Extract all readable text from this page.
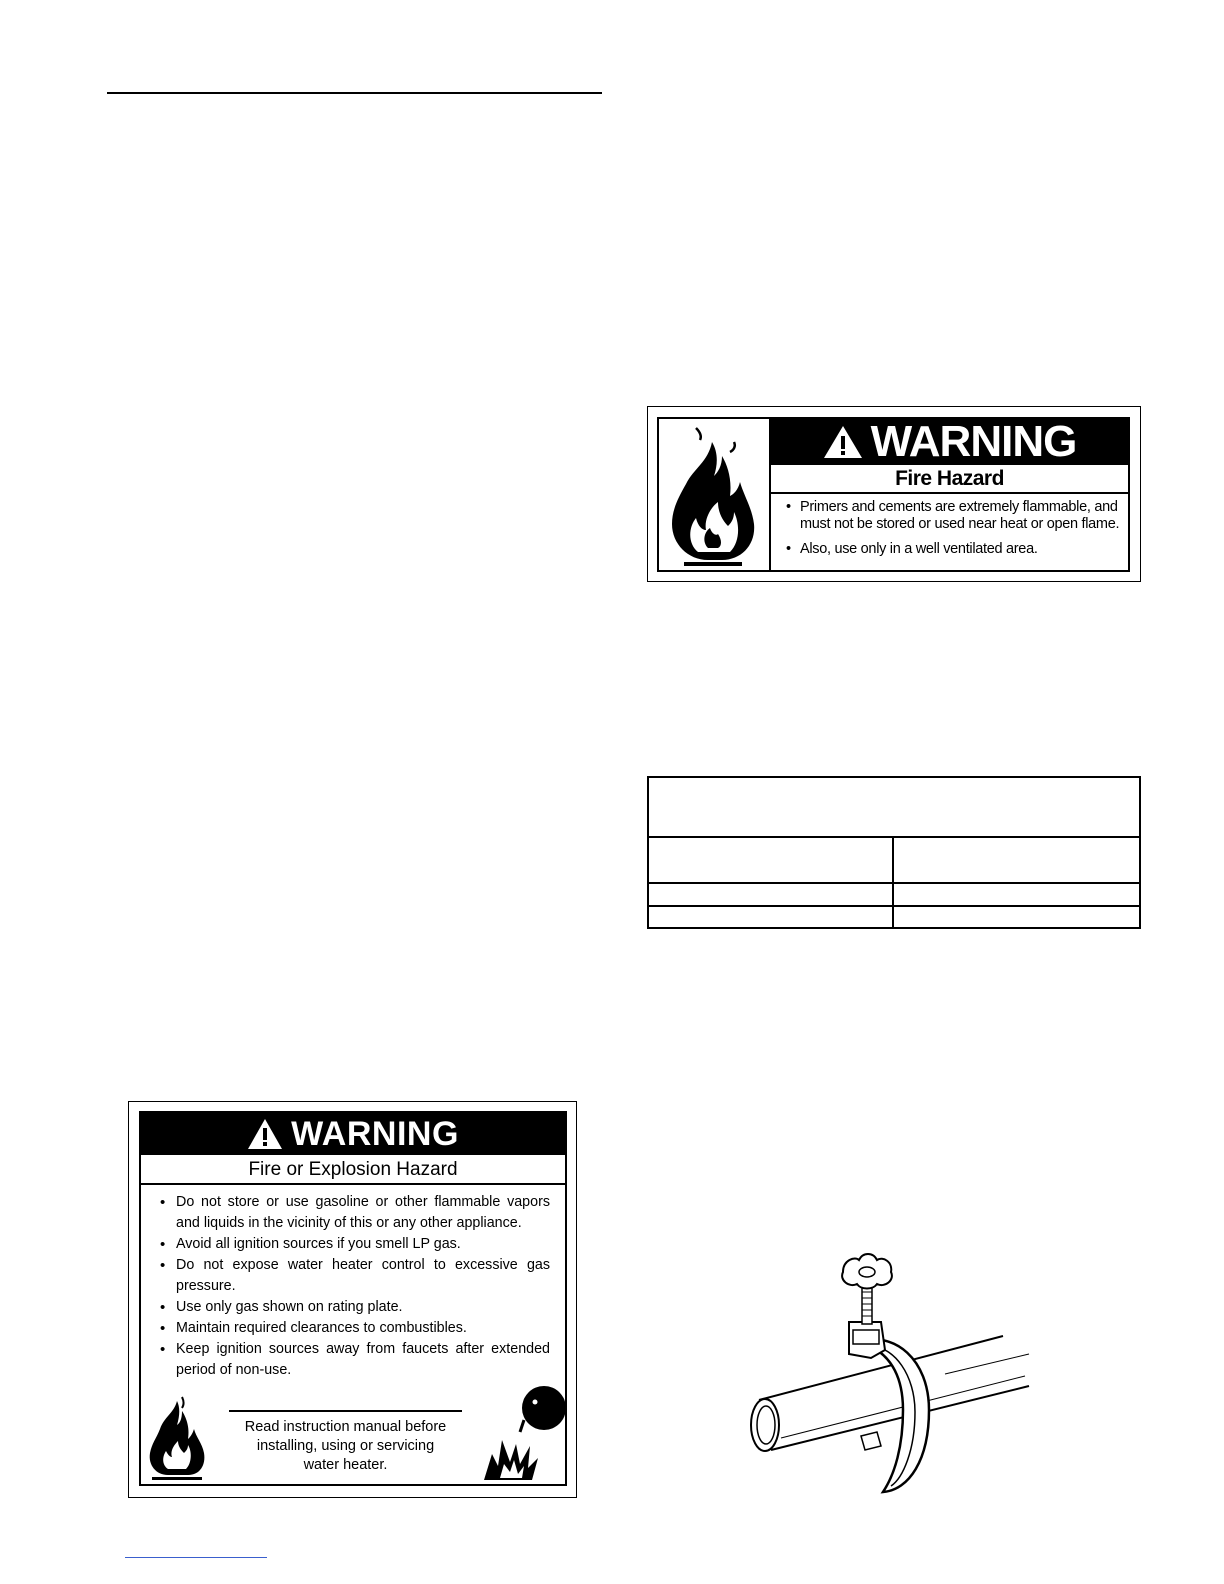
WARNING
Fire or Explosion Hazard
• Do not store or use gasoline or other flammable vapors and liquids in the vicinity of this or any other appliance.
• Avoid all ignition sources if you smell LP gas.
• Do not expose water heater control to excessive gas pressure.
• Use only gas shown on rating plate.
• Maintain required clearances to combustibles.
• Keep ignition sources away from faucets after extended period of non-use.
Read instruction manual before
installing, using or servicing
water heater.
WARNING
Fire Hazard
• Primers and cements are extremely flammable, and must not be stored or used near heat or open flame.
• Also, use only in a well ventilated area.
